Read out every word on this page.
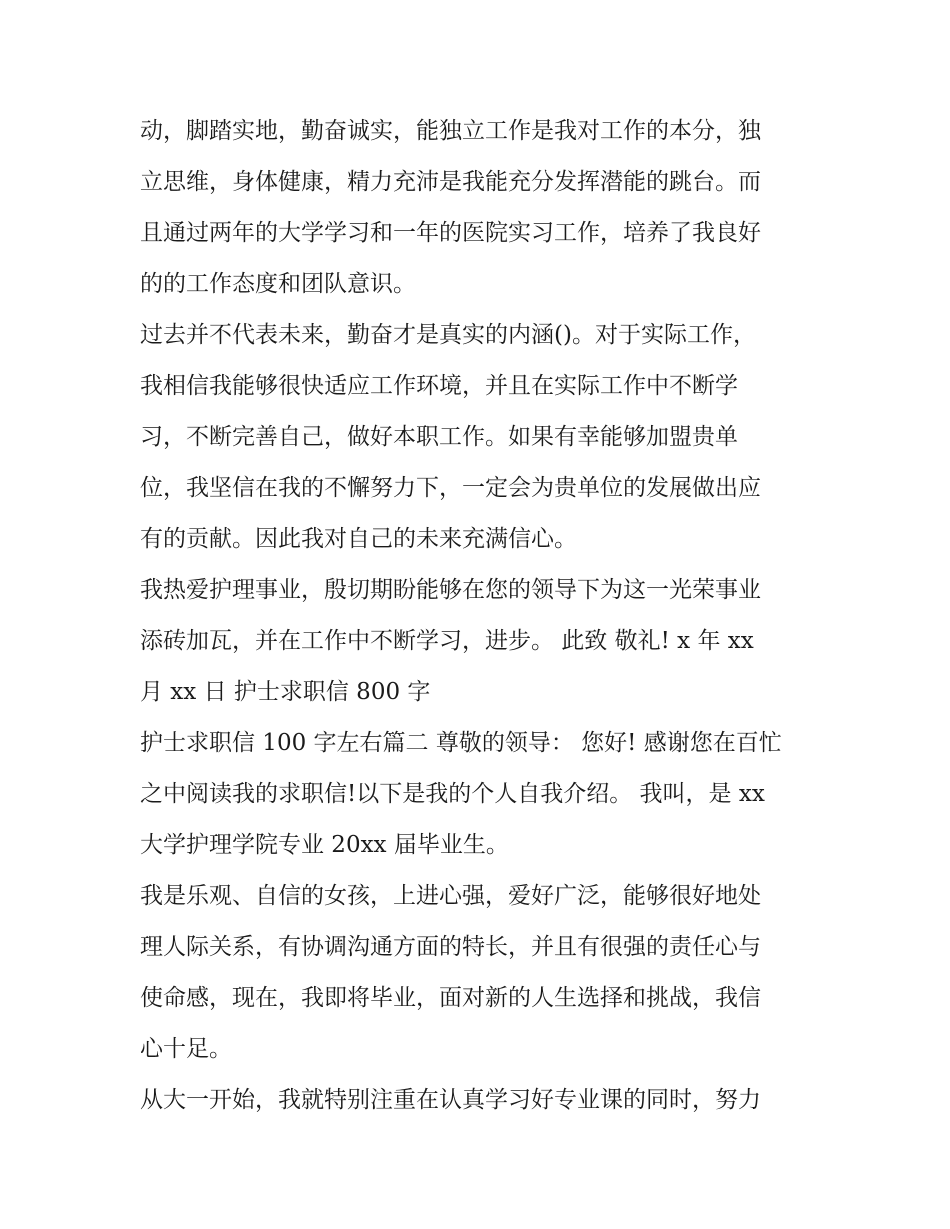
动，脚踏实地，勤奋诚实，能独立工作是我对工作的本分，独
立思维，身体健康，精力充沛是我能充分发挥潜能的跳台。而
且通过两年的大学学习和一年的医院实习工作，培养了我良好
的的工作态度和团队意识。
过去并不代表未来，勤奋才是真实的内涵()。对于实际工作，
我相信我能够很快适应工作环境，并且在实际工作中不断学
习，不断完善自己，做好本职工作。如果有幸能够加盟贵单
位，我坚信在我的不懈努力下，一定会为贵单位的发展做出应
有的贡献。因此我对自己的未来充满信心。
我热爱护理事业，殷切期盼能够在您的领导下为这一光荣事业
添砖加瓦，并在工作中不断学习，进步。 此致 敬礼! x 年 xx
月 xx 日 护士求职信 800 字
护士求职信 100 字左右篇二 尊敬的领导： 您好! 感谢您在百忙
之中阅读我的求职信!以下是我的个人自我介绍。 我叫，是 xx
大学护理学院专业 20xx 届毕业生。
我是乐观、自信的女孩，上进心强，爱好广泛，能够很好地处
理人际关系，有协调沟通方面的特长，并且有很强的责任心与
使命感，现在，我即将毕业，面对新的人生选择和挑战，我信
心十足。
从大一开始，我就特别注重在认真学习好专业课的同时，努力
